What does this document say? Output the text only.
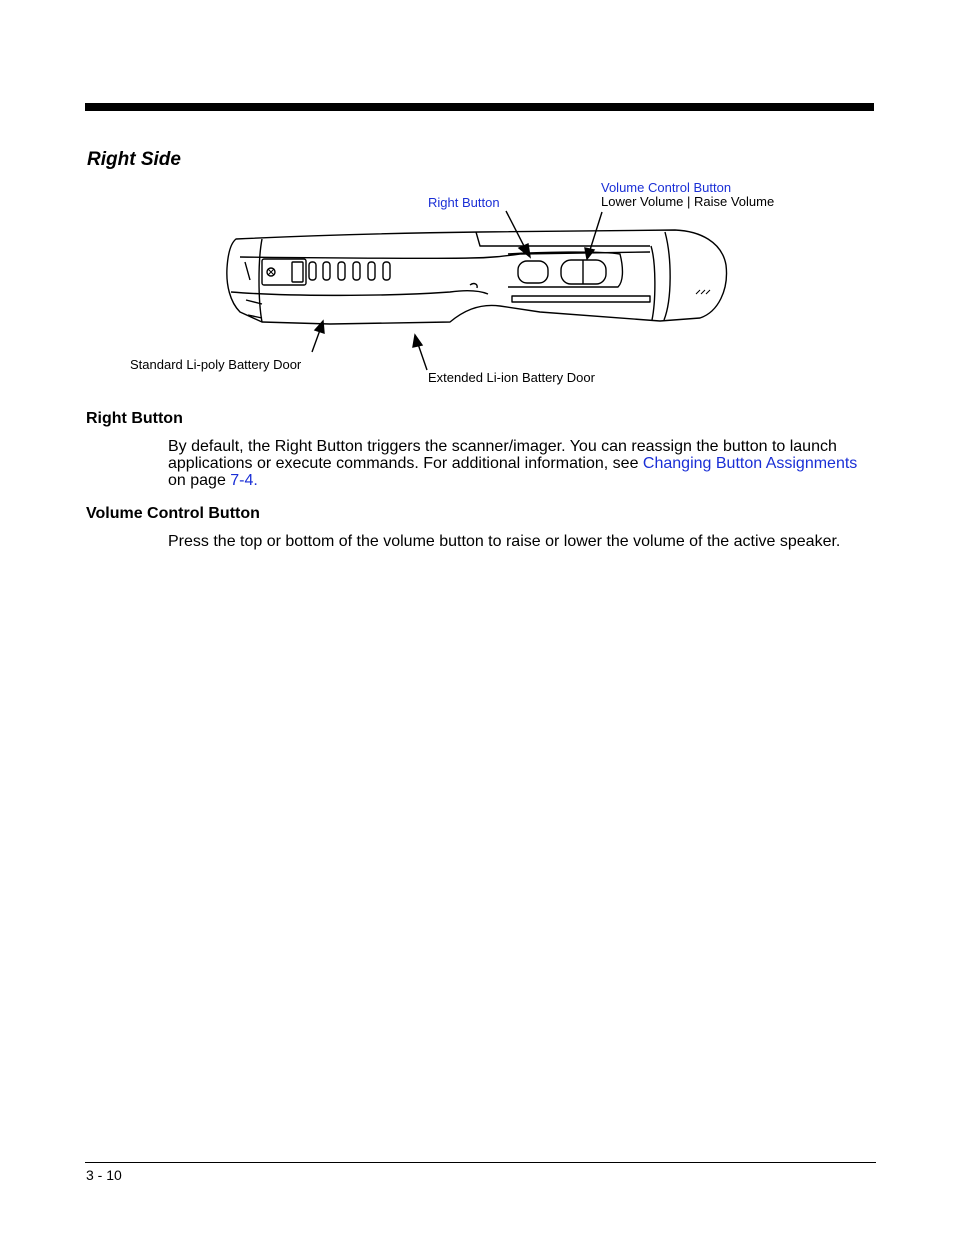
Right Side
Volume Control Button
Lower Volume | Raise Volume
Right Button
Standard Li-poly Battery Door
Extended Li-ion Battery Door
Right Button

By default, the Right Button triggers the scanner/imager. You can reassign the button to launch applications or execute commands. For additional information, see Changing Button Assignments on page 7-4.

Volume Control Button

Press the top or bottom of the volume button to raise or lower the volume of the active speaker.

3 - 10
